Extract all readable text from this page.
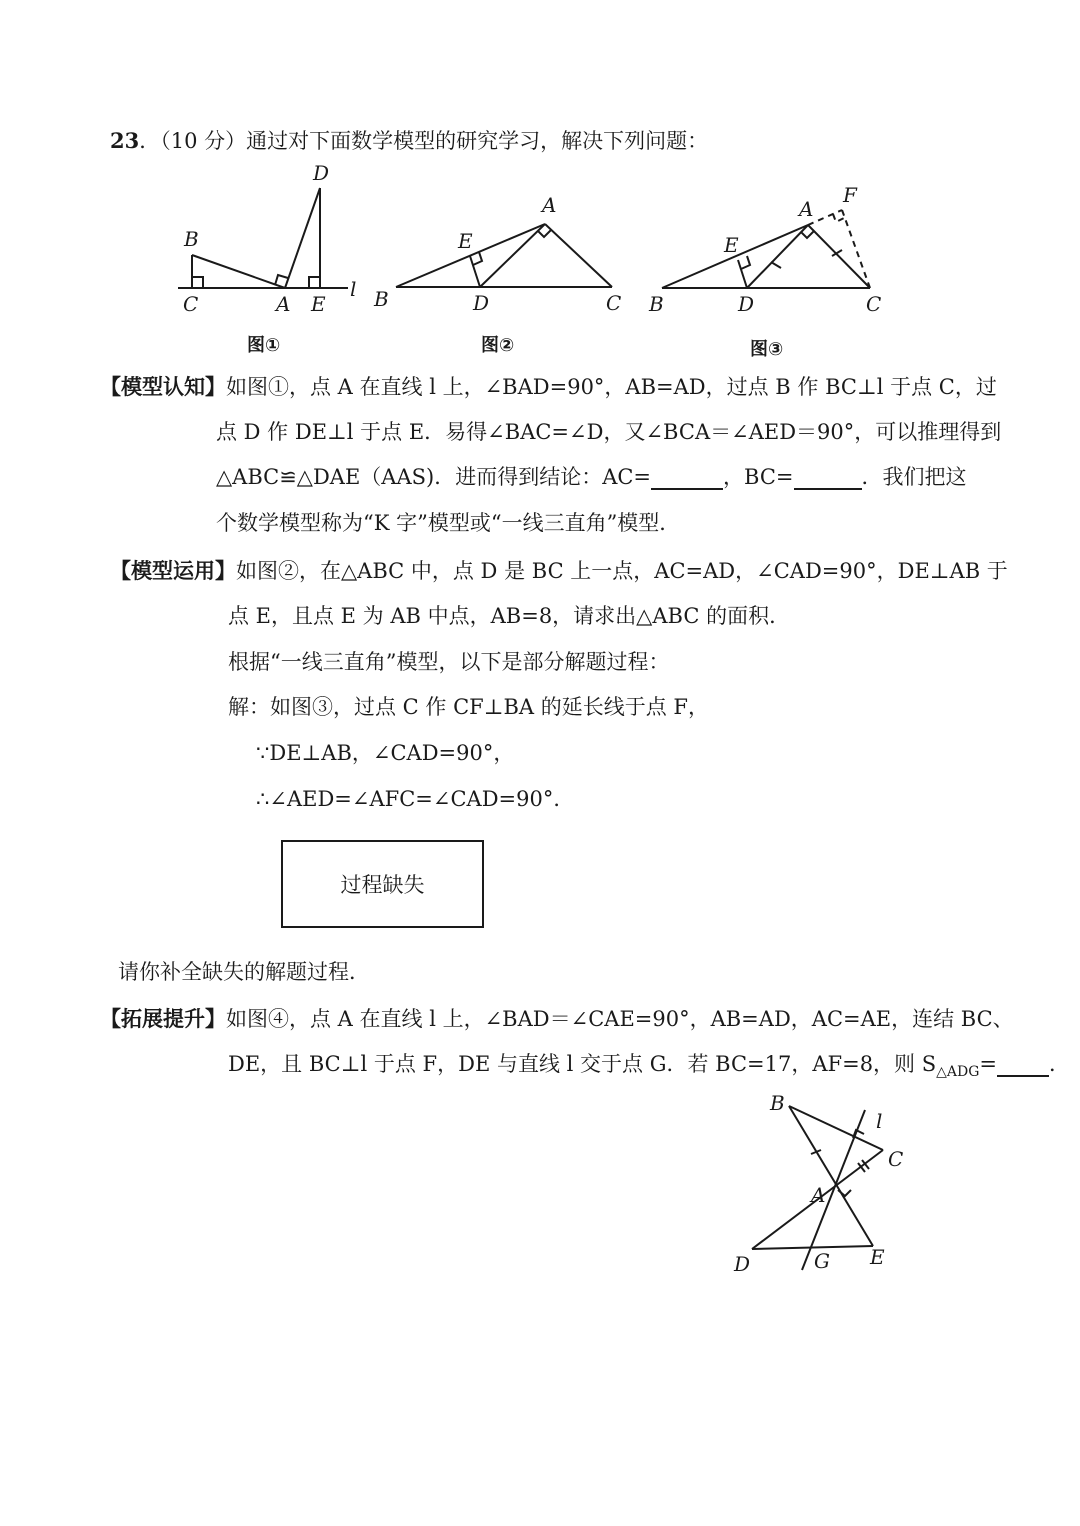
23．（10 分）通过对下面数学模型的研究学习，解决下列问题：
B
C	A E
D
l
图①
A
B	C
D
E
图②
A
F
B	C
D
E
图③
【模型认知】如图①，点 A 在直线 l 上，∠BAD=90°，AB=AD，过点 B 作 BC⊥l 于点 C，过
点 D 作 DE⊥l 于点 E．易得∠BAC=∠D，又∠BCA＝∠AED＝90°，可以推理得到
△ABC≌△DAE（AAS)．进而得到结论：AC=	，BC=	．我们把这
个数学模型称为“K 字”模型或“一线三直角”模型．
【模型运用】如图②，在△ABC 中，点 D 是 BC 上一点，AC=AD，∠CAD=90°，DE⊥AB 于
点 E，且点 E 为 AB 中点，AB=8，请求出△ABC 的面积．
根据“一线三直角”模型，以下是部分解题过程：
解：如图③，过点 C 作 CF⊥BA 的延长线于点 F，
∵DE⊥AB，∠CAD=90°，
∴∠AED=∠AFC=∠CAD=90°．
过程缺失
请你补全缺失的解题过程．
【拓展提升】如图④，点 A 在直线 l 上，∠BAD＝∠CAE=90°，AB=AD，AC=AE，连结 BC、
DE，且 BC⊥l 于点 F，DE 与直线 l 交于点 G．若 BC=17，AF=8，则 $S_{\triangle ADG}=$ ．
B
l
C
A
D	G E
